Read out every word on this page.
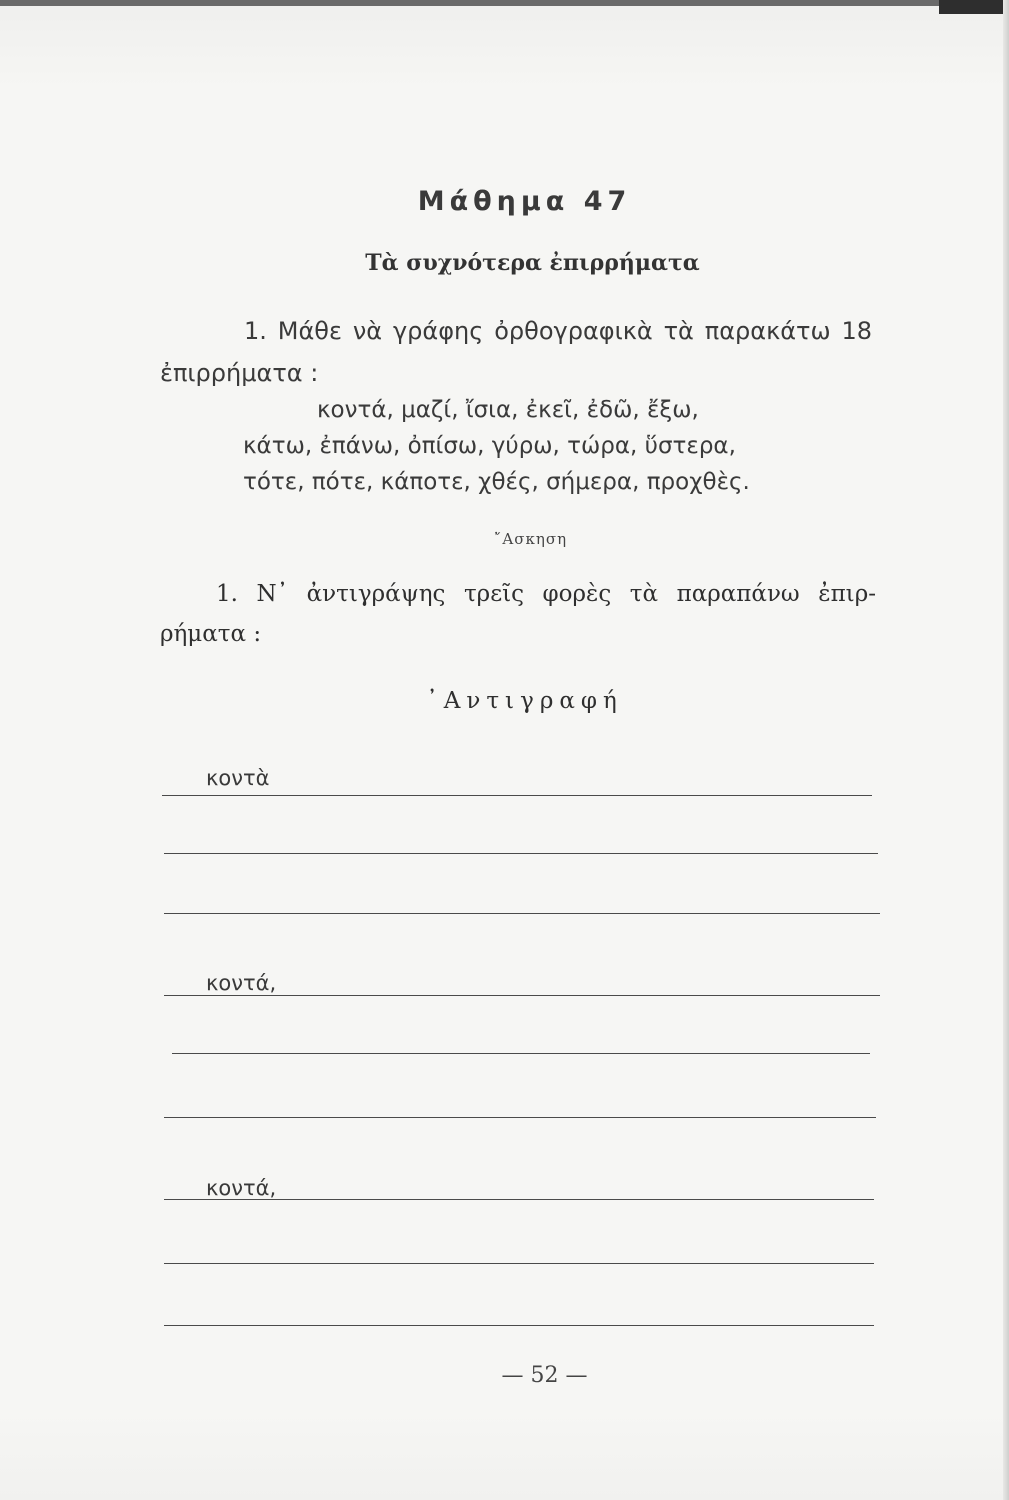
Μάθημα 47
Τὰ συχνότερα ἐπιρρήματα
1. Μάθε νὰ γράφης ὀρθογραφικὰ τὰ παρακάτω 18
ἐπιρρήματα :
κοντά, μαζί, ἴσια, ἐκεῖ, ἐδῶ, ἔξω,
κάτω, ἐπάνω, ὀπίσω, γύρω, τώρα, ὕστερα,
τότε, πότε, κάποτε, χθές, σήμερα, προχθὲς.
῎Ασκηση
1. Ν᾽ ἀντιγράψης τρεῖς φορὲς τὰ παραπάνω ἐπιρ-
ρήματα :
᾽Αντιγραφή
κοντὰ
κοντά,
κοντά,
— 52 —
